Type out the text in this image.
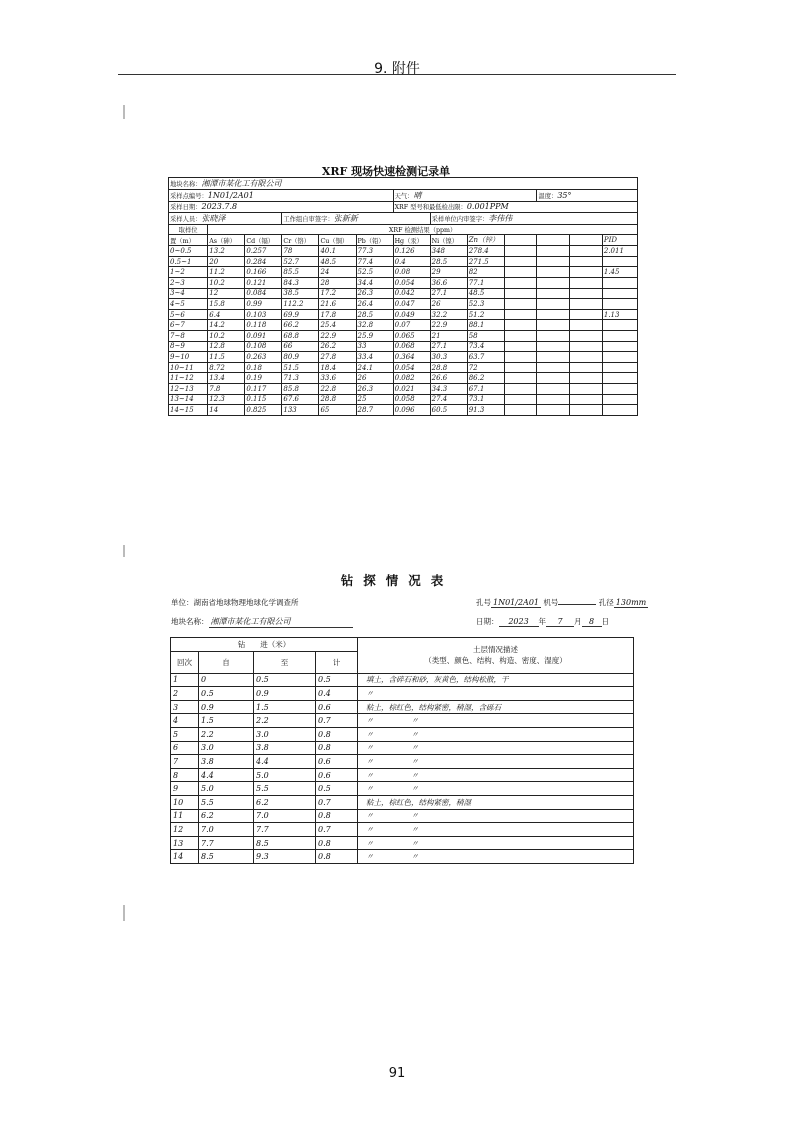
9. 附件
XRF 现场快速检测记录单
地块名称：湘潭市某化工有限公司												
采样点编号：1N01/2A01						天气：晴				温度：35°		
采样日期：2023.7.8						XRF 型号和最低检出限：0.001PPM						
采样人员：张晓泽			工作组自审签字：张新新				采样单位内审签字：李伟伟					
取样位	XRF 检测结果（ppm）											
置（m）	As（砷）	Cd（镉）	Cr（铬）	Cu（铜）	Pb（铅）	Hg（汞）	Ni（镍）	Zn（锌）				PID
0~0.5	13.2	0.257	78	40.1	77.3	0.126	348	278.4				2.011
0.5~1	20	0.284	52.7	48.5	77.4	0.4	28.5	271.5				
1~2	11.2	0.166	85.5	24	52.5	0.08	29	82				1.45
2~3	10.2	0.121	84.3	28	34.4	0.054	36.6	77.1				
3~4	12	0.084	38.5	17.2	26.3	0.042	27.1	48.5				
4~5	15.8	0.99	112.2	21.6	26.4	0.047	26	52.3				
5~6	6.4	0.103	69.9	17.8	28.5	0.049	32.2	51.2				1.13
6~7	14.2	0.118	66.2	25.4	32.8	0.07	22.9	88.1				
7~8	10.2	0.091	68.8	22.9	25.9	0.065	21	58				
8~9	12.8	0.108	66	26.2	33	0.068	27.1	73.4				
9~10	11.5	0.263	80.9	27.8	33.4	0.364	30.3	63.7				
10~11	8.72	0.18	51.5	18.4	24.1	0.054	28.8	72				
11~12	13.4	0.19	71.3	33.6	26	0.082	26.6	86.2				
12~13	7.8	0.117	85.8	22.8	26.3	0.021	34.3	67.1				
13~14	12.3	0.115	67.6	28.8	25	0.058	27.4	73.1				
14~15	14	0.825	133	65	28.7	0.096	60.5	91.3				
钻探情况表
单位：湖南省地球物理地球化学调查所	孔号 1N01/2A01 机号	孔径 130mm
地块名称： 湘潭市某化工有限公司	日期： 2023 年 7 月 8 日
钻　　进（米）				土层情况描述
（类型、颜色、结构、构造、密度、湿度）

回次	自	至	计	
1	0	0.5	0.5	填土，含碎石和砂，灰黄色，结构松散，干
2	0.5	0.9	0.4	〃
3	0.9	1.5	0.6	粘土，棕红色，结构紧密，稍湿，含砾石
4	1.5	2.2	0.7	〃　　　　　〃
5	2.2	3.0	0.8	〃　　　　　〃
6	3.0	3.8	0.8	〃　　　　　〃
7	3.8	4.4	0.6	〃　　　　　〃
8	4.4	5.0	0.6	〃　　　　　〃
9	5.0	5.5	0.5	〃　　　　　〃
10	5.5	6.2	0.7	粘土，棕红色，结构紧密，稍湿
11	6.2	7.0	0.8	〃　　　　　〃
12	7.0	7.7	0.7	〃　　　　　〃
13	7.7	8.5	0.8	〃　　　　　〃
14	8.5	9.3	0.8	〃　　　　　〃
91
